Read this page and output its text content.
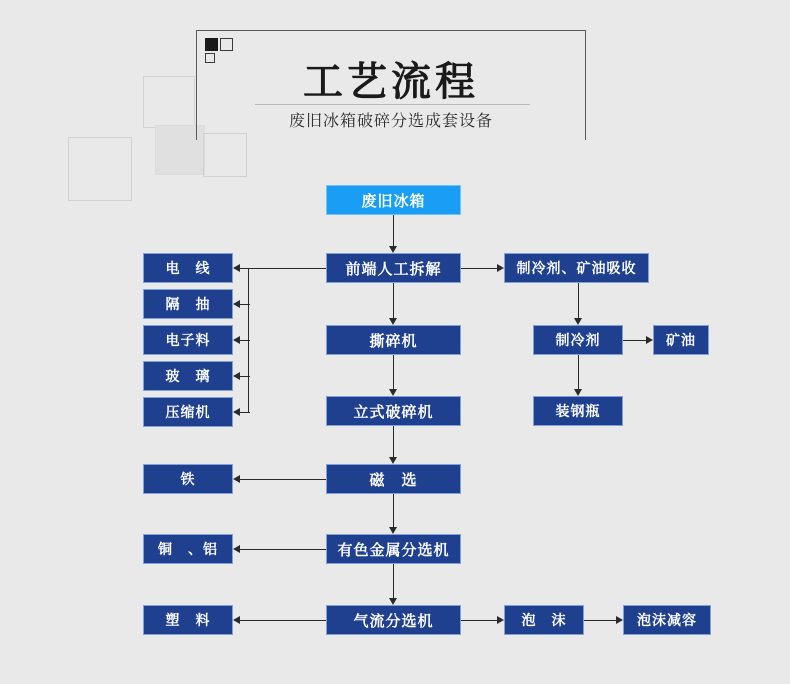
工艺流程
废旧冰箱破碎分选成套设备
废旧冰箱
前端人工拆解
撕碎机
立式破碎机
磁　选
有色金属分选机
气流分选机
电　线
隔　抽
电子料
玻　璃
压缩机
铁
铜　、铝
塑　料
制冷剂、矿油吸收
制冷剂	矿油
装钢瓶
泡　沫	泡沫减容
